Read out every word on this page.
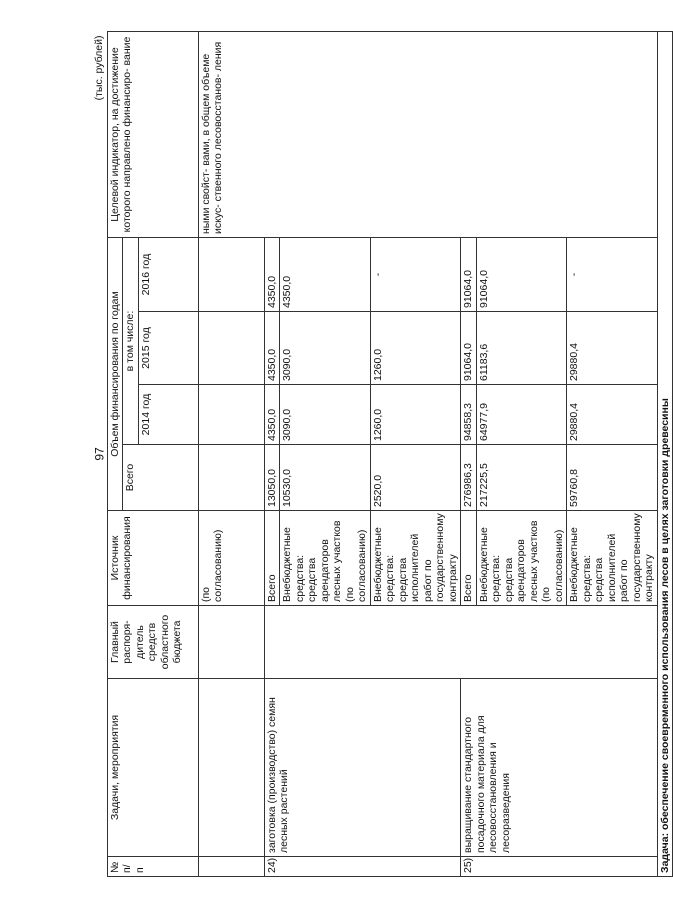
97
(тыс. рублей)								
№ п/п	Задачи, мероприятия	Главный распоря- дитель средств областного бюджета	Источник финансирования	Объем финансирования по годам				Целевой индикатор, на достижение которого направлено финансиро- вание
				Всего	в том числе:			
					2014 год	2015 год	2016 год	
			(по согласованию)					ными свойст- вами, в общем объеме искус- ственного лесовосстанов- ления
24)	заготовка (производство) семян лесных растений		Всего	13050,0	4350,0	4350,0	4350,0	
			Внебюджетные средства: средства арендаторов лесных участков (по согласованию)	10530,0	3090,0	3090,0	4350,0	
			Внебюджетные средства: средства исполнителей работ по государственному контракту	2520,0	1260,0	1260,0	-	
25)	выращивание стандартного посадочного материала для лесовосстановления и лесоразведения		Всего	276986,3	94858,3	91064,0	91064,0	
			Внебюджетные средства: средства арендаторов лесных участков (по согласованию)	217225,5	64977,9	61183,6	91064,0	
			Внебюджетные средства: средства исполнителей работ по государственному контракту	59760,8	29880,4	29880,4	-	
Задача: обеспечение своевременного использования лесов в целях заготовки древесины								
